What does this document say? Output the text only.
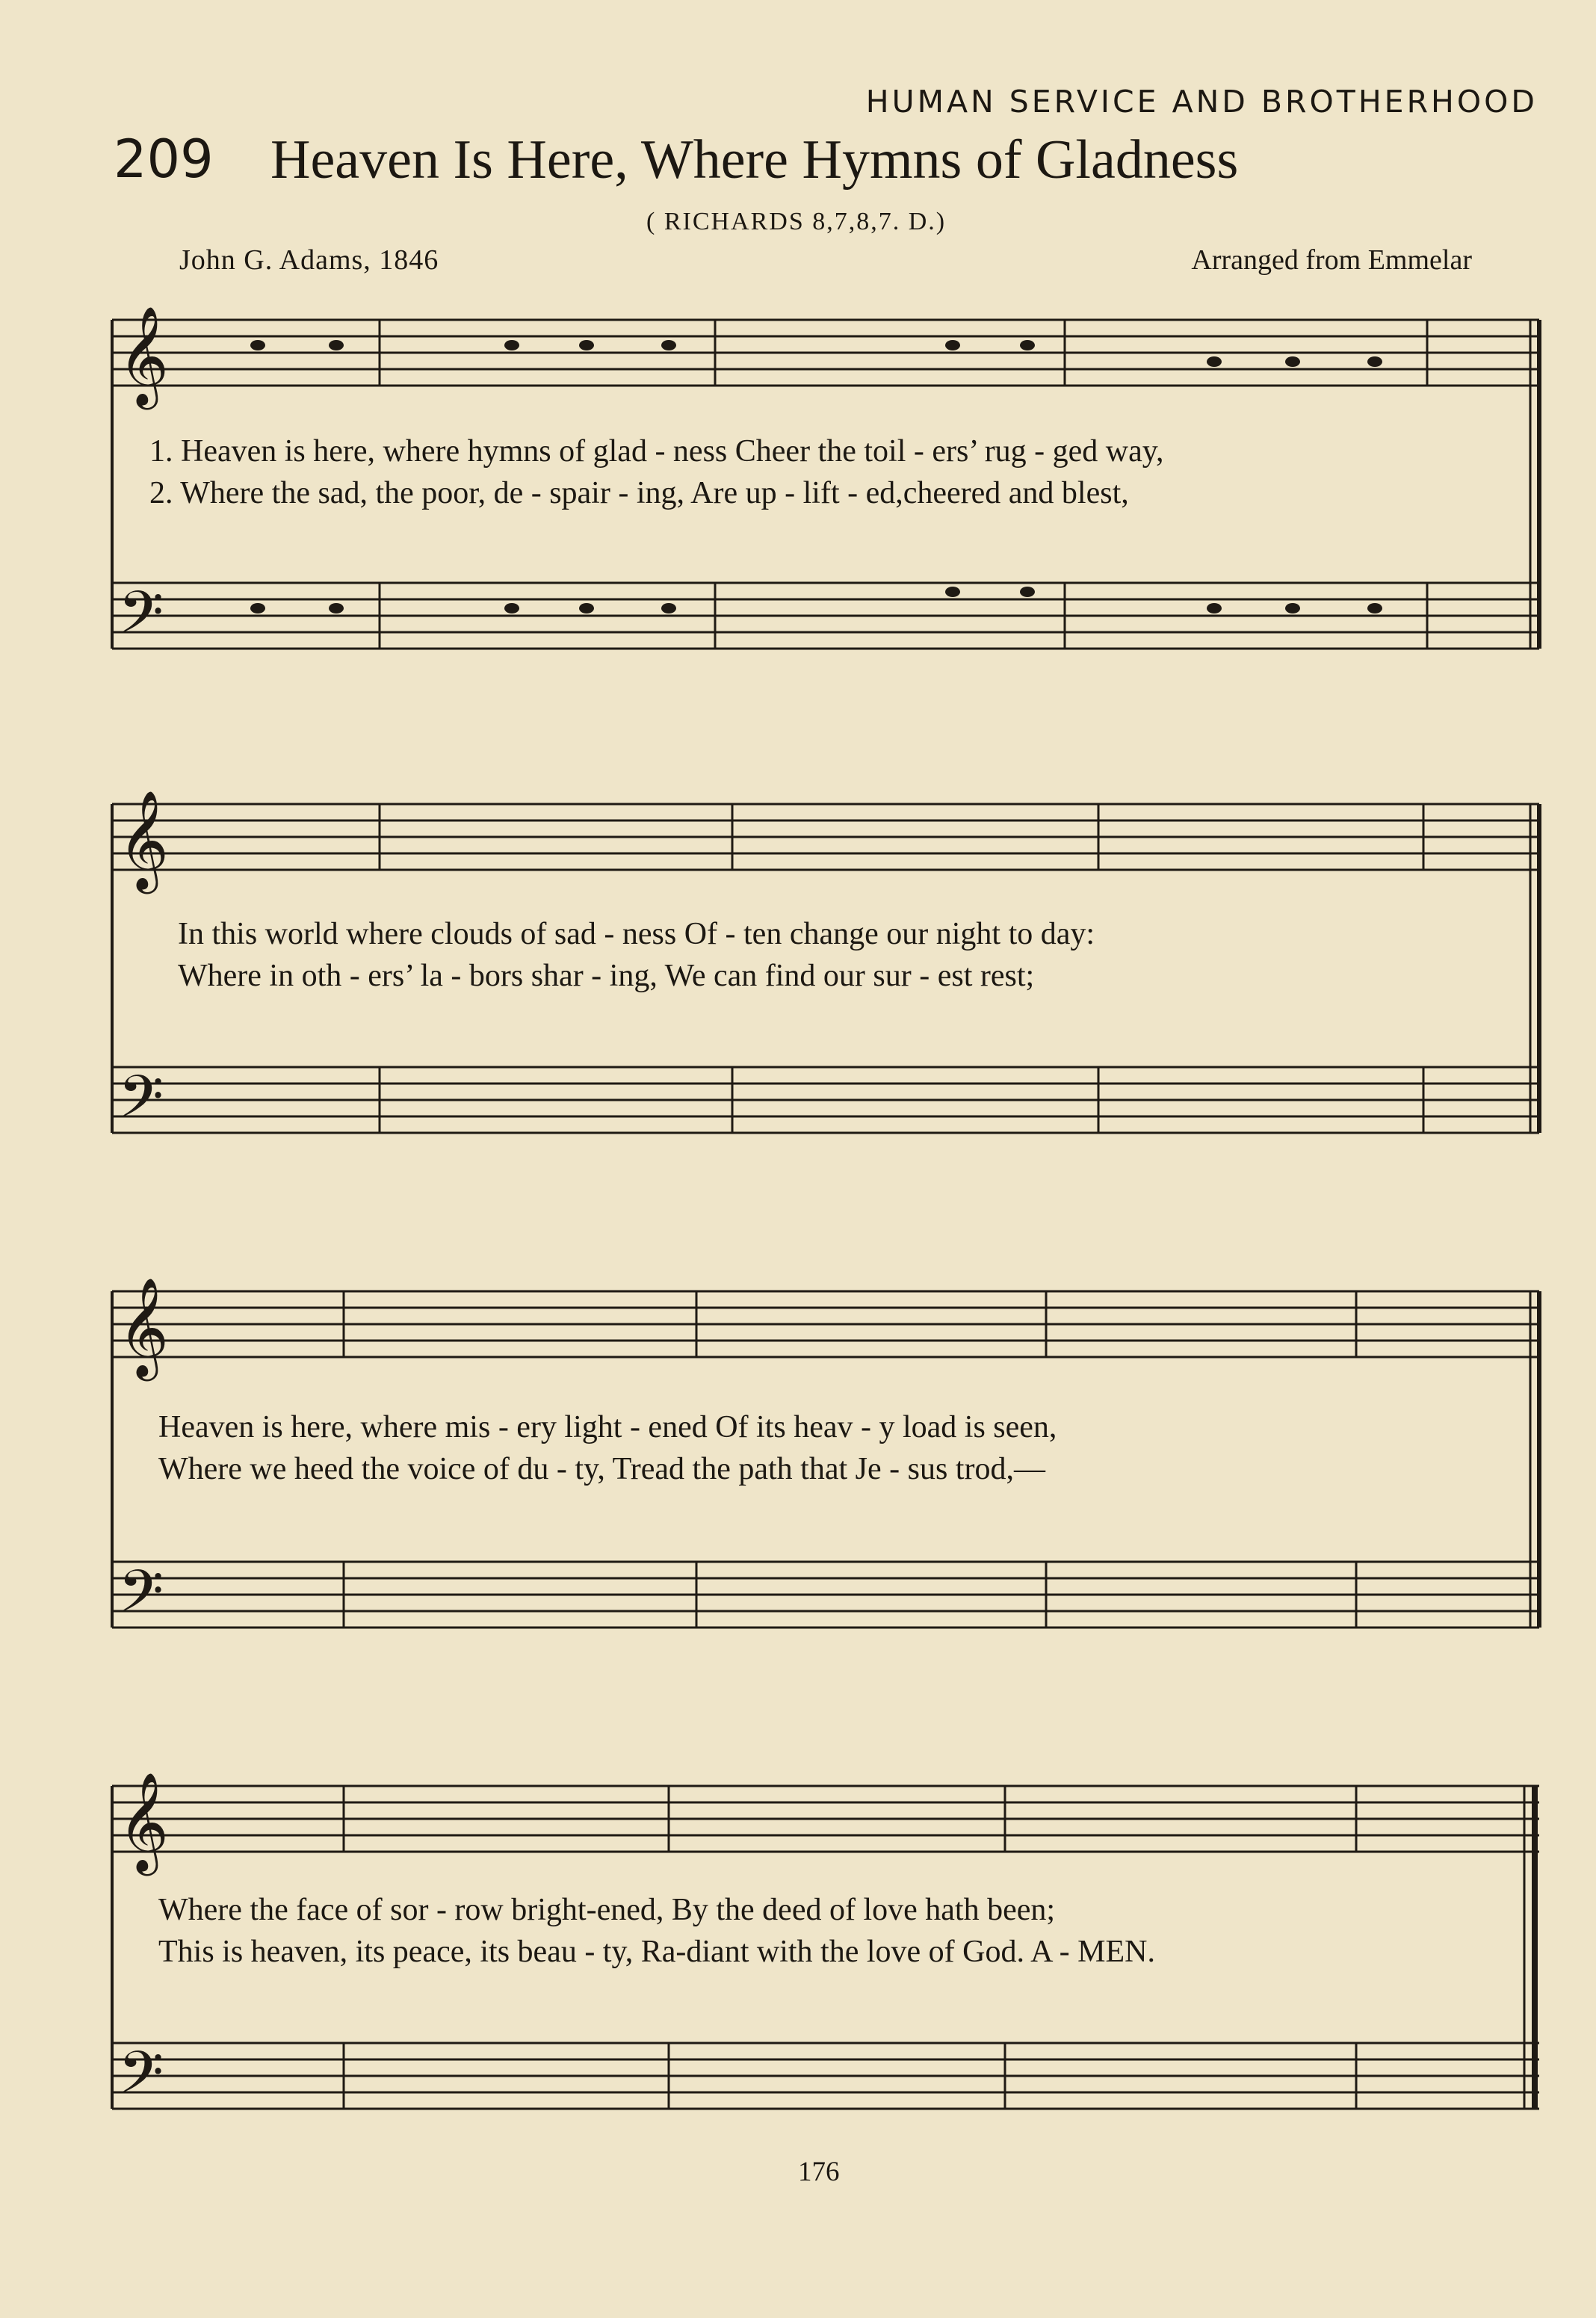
HUMAN SERVICE AND BROTHERHOOD
209 Heaven Is Here, Where Hymns of Gladness
( RICHARDS 8,7,8,7. D.)
John G. Adams, 1846	Arranged from Emmelar
𝄞
𝄢
1. Heaven is here, where hymns of glad - ness Cheer the toil - ers’ rug - ged way,
2. Where the sad, the poor, de - spair - ing, Are up - lift - ed,cheered and blest,
𝄞
𝄢
In this world where clouds of sad - ness Of - ten change our night to day:
Where in oth - ers’ la - bors shar - ing, We can find our sur - est rest;
𝄞
𝄢
Heaven is here, where mis - ery light - ened Of its heav - y load is seen,
Where we heed the voice of du - ty, Tread the path that Je - sus trod,—
𝄞
𝄢
Where the face of sor - row bright-ened, By the deed of love hath been;
This is heaven, its peace, its beau - ty, Ra-diant with the love of God. A - MEN.
176
